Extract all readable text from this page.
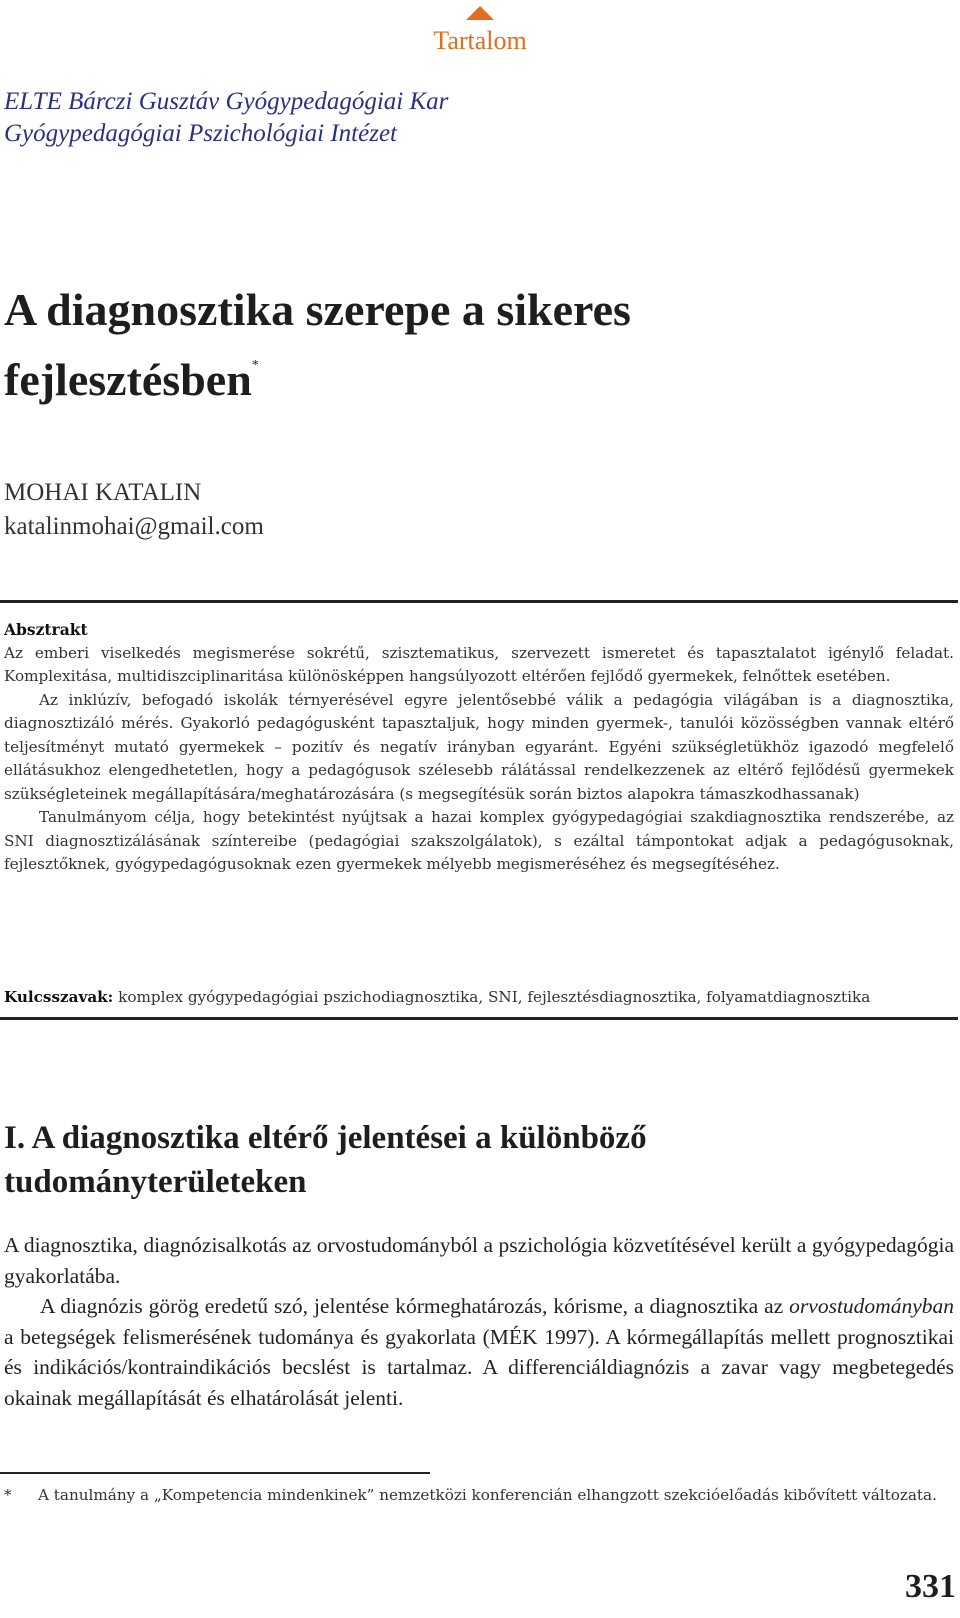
Tartalom
ELTE Bárczi Gusztáv Gyógypedagógiai Kar
Gyógypedagógiai Pszichológiai Intézet
A diagnosztika szerepe a sikeres
fejlesztésben*
MOHAI KATALIN
katalinmohai@gmail.com
Absztrakt

Az emberi viselkedés megismerése sokrétű, szisztematikus, szervezett ismeretet és tapasztalatot igénylő feladat. Komplexitása, multidiszciplinaritása különösképpen hangsúlyozott eltérően fejlődő gyermekek, felnőttek esetében.

Az inklúzív, befogadó iskolák térnyerésével egyre jelentősebbé válik a pedagógia világában is a diagnosztika, diagnosztizáló mérés. Gyakorló pedagógusként tapasztaljuk, hogy minden gyermek-, tanulói közösségben vannak eltérő teljesítményt mutató gyermekek – pozitív és negatív irányban egyaránt. Egyéni szükségletükhöz igazodó megfelelő ellátásukhoz elengedhetetlen, hogy a pedagógusok szélesebb rálátással rendelkezzenek az eltérő fejlődésű gyermekek szükségleteinek megállapítására/meghatározására (s megsegítésük során biztos alapokra támaszkodhassanak)

Tanulmányom célja, hogy betekintést nyújtsak a hazai komplex gyógypedagógiai szakdiagnosztika rendszerébe, az SNI diagnosztizálásának színtereibe (pedagógiai szakszolgálatok), s ezáltal támpontokat adjak a pedagógusoknak, fejlesztőknek, gyógypedagógusoknak ezen gyermekek mélyebb megismeréséhez és megsegítéséhez.

Kulcsszavak: komplex gyógypedagógiai pszichodiagnosztika, SNI, fejlesztésdiagnosztika, folyamatdiagnosztika
I. A diagnosztika eltérő jelentései a különböző
tudományterületeken

A diagnosztika, diagnózisalkotás az orvostudományból a pszichológia közvetítésével került a gyógypedagógia gyakorlatába.

A diagnózis görög eredetű szó, jelentése kórmeghatározás, kórisme, a diagnosztika az orvostudományban a betegségek felismerésének tudománya és gyakorlata (MÉK 1997). A kórmegállapítás mellett prognosztikai és indikációs/kontraindikációs becslést is tartalmaz. A differenciáldiagnózis a zavar vagy megbetegedés okainak megállapítását és elhatárolását jelenti.

*	A tanulmány a „Kompetencia mindenkinek” nemzetközi konferencián elhangzott szekcióelőadás kibővített változata.
331
